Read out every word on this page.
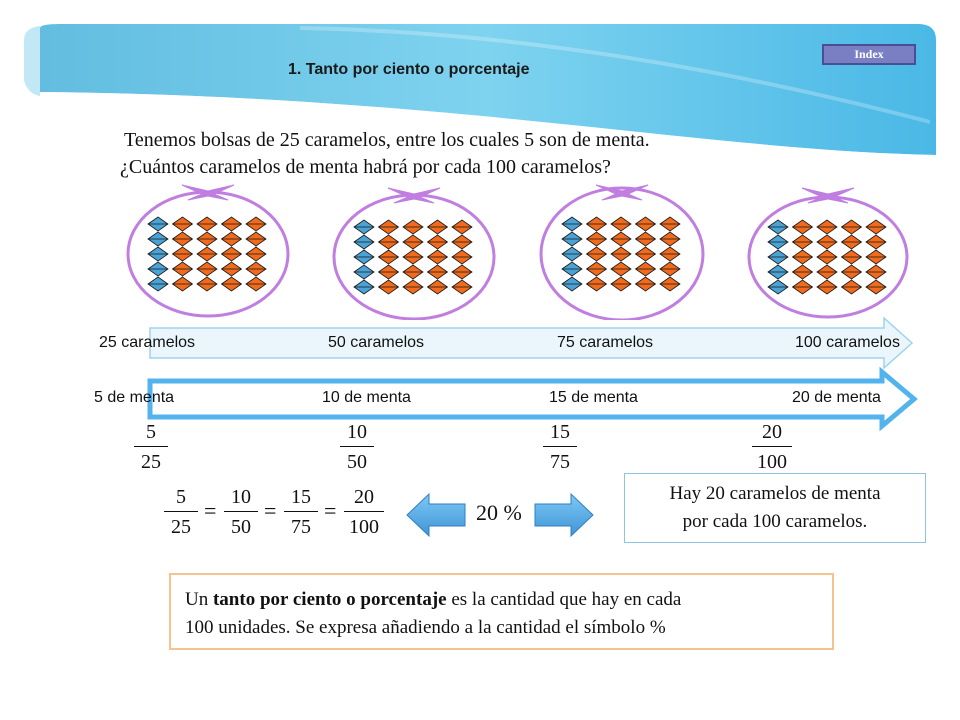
1. Tanto por ciento o porcentaje
Index
Tenemos bolsas de 25 caramelos, entre los cuales 5 son de menta.
¿Cuántos caramelos de menta habrá por cada 100 caramelos?
25 caramelos	50 caramelos	75 caramelos	100 caramelos
5 de menta	10 de menta	15 de menta	20 de menta
5
25
10
50
15
75
20
100
5
25
=
10
50
=
15
75
=
20
100
20 %
Hay 20 caramelos de menta
por cada 100 caramelos.
Un tanto por ciento o porcentaje es la cantidad que hay en cada
100 unidades. Se expresa añadiendo a la cantidad el símbolo %
